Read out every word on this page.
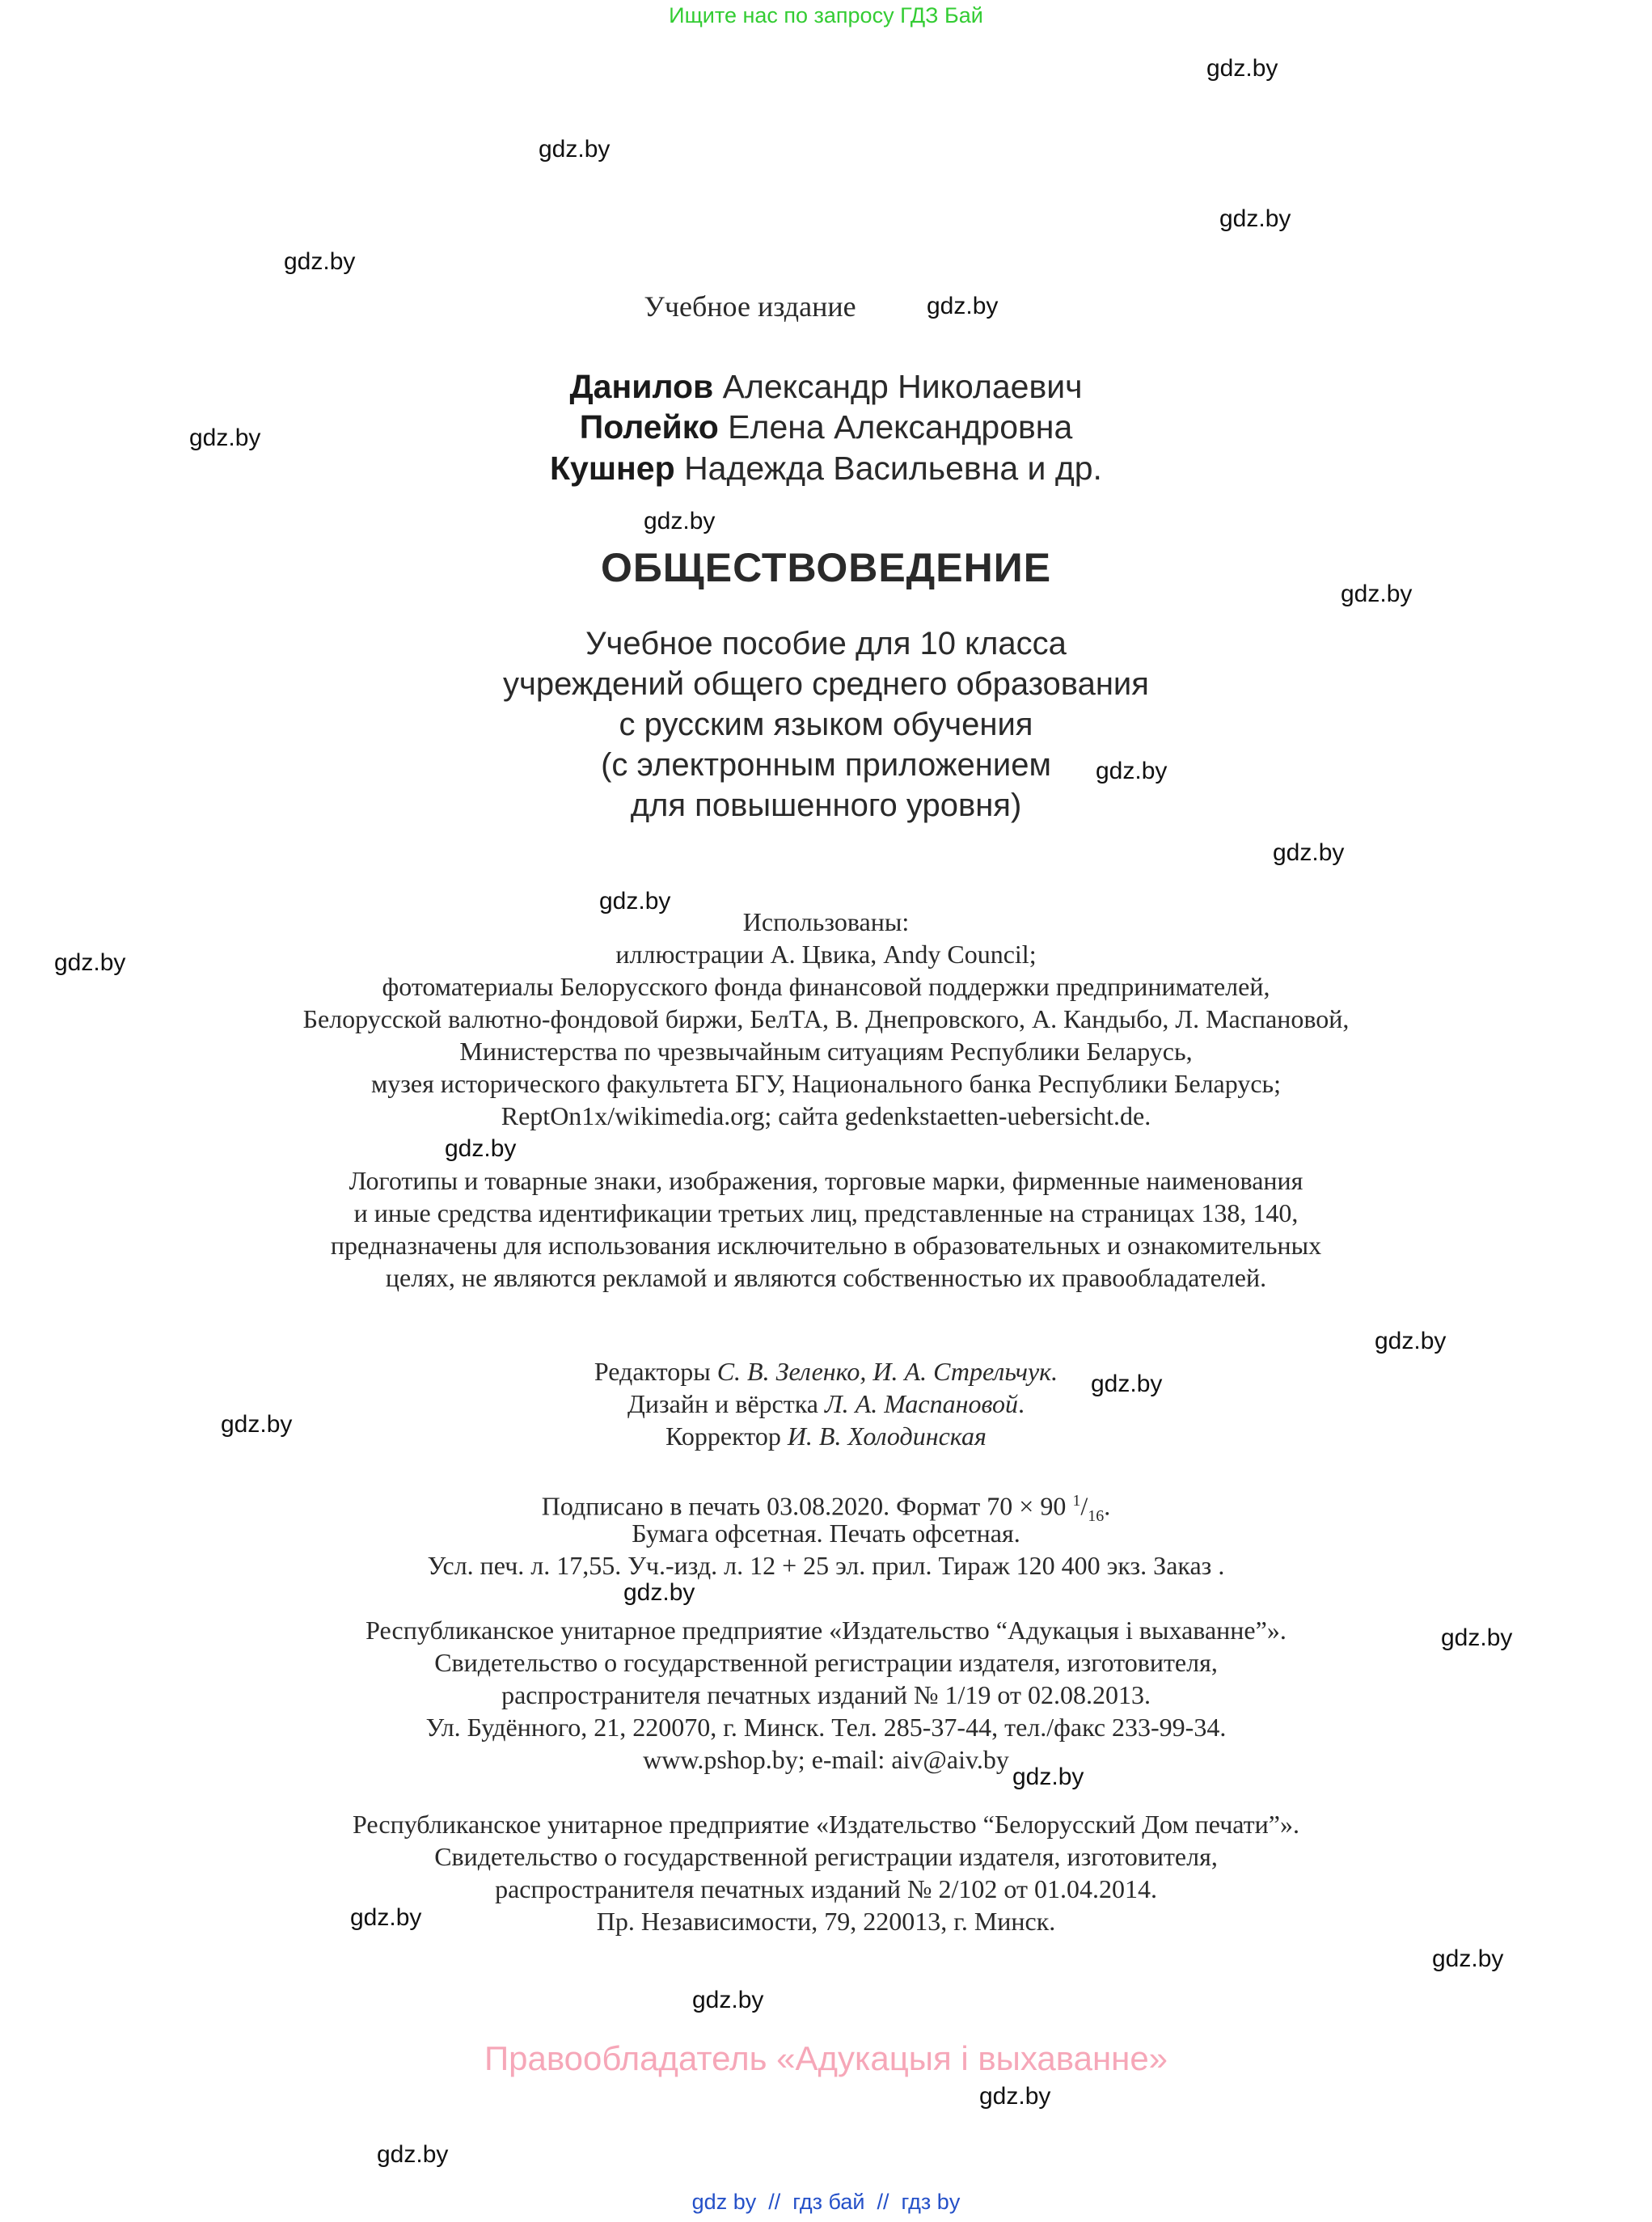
Ищите нас по запросу ГДЗ Бай
gdz.by
gdz.by
gdz.by
gdz.by
gdz.by
gdz.by
gdz.by
gdz.by
gdz.by
gdz.by
gdz.by
gdz.by
gdz.by
gdz.by
gdz.by
gdz.by
gdz.by
gdz.by
gdz.by
gdz.by
gdz.by
gdz.by
gdz.by
gdz.by
Учебное издание
Данилов Александр Николаевич
Полейко Елена Александровна
Кушнер Надежда Васильевна и др.
ОБЩЕСТВОВЕДЕНИЕ
Учебное пособие для 10 класса
учреждений общего среднего образования
с русским языком обучения
(с электронным приложением
для повышенного уровня)
Использованы:
иллюстрации А. Цвика, Andy Council;
фотоматериалы Белорусского фонда финансовой поддержки предпринимателей,
Белорусской валютно-фондовой биржи, БелТА, В. Днепровского, А. Кандыбо, Л. Маспановой,
Министерства по чрезвычайным ситуациям Республики Беларусь,
музея исторического факультета БГУ, Национального банка Республики Беларусь;
ReptOn1x/wikimedia.org; сайта gedenkstaetten-uebersicht.de.
Логотипы и товарные знаки, изображения, торговые марки, фирменные наименования
и иные средства идентификации третьих лиц, представленные на страницах 138, 140,
предназначены для использования исключительно в образовательных и ознакомительных
целях, не являются рекламой и являются собственностью их правообладателей.
Редакторы С. В. Зеленко, И. А. Стрельчук.
Дизайн и вёрстка Л. А. Маспановой.
Корректор И. В. Холодинская
Подписано в печать 03.08.2020. Формат 70 × 90 $^1/_{16}$.
Бумага офсетная. Печать офсетная.
Усл. печ. л. 17,55. Уч.-изд. л. 12 + 25 эл. прил. Тираж 120 400 экз. Заказ .
Республиканское унитарное предприятие «Издательство “Адукацыя і выхаванне”».
Свидетельство о государственной регистрации издателя, изготовителя,
распространителя печатных изданий № 1/19 от 02.08.2013.
Ул. Будённого, 21, 220070, г. Минск. Тел. 285-37-44, тел./факс 233-99-34.
www.pshop.by; e-mail: aiv@aiv.by
Республиканское унитарное предприятие «Издательство “Белорусский Дом печати”».
Свидетельство о государственной регистрации издателя, изготовителя,
распространителя печатных изданий № 2/102 от 01.04.2014.
Пр. Независимости, 79, 220013, г. Минск.
Правообладатель «Адукацыя і выхаванне»
gdz by // гдз бай // гдз by
